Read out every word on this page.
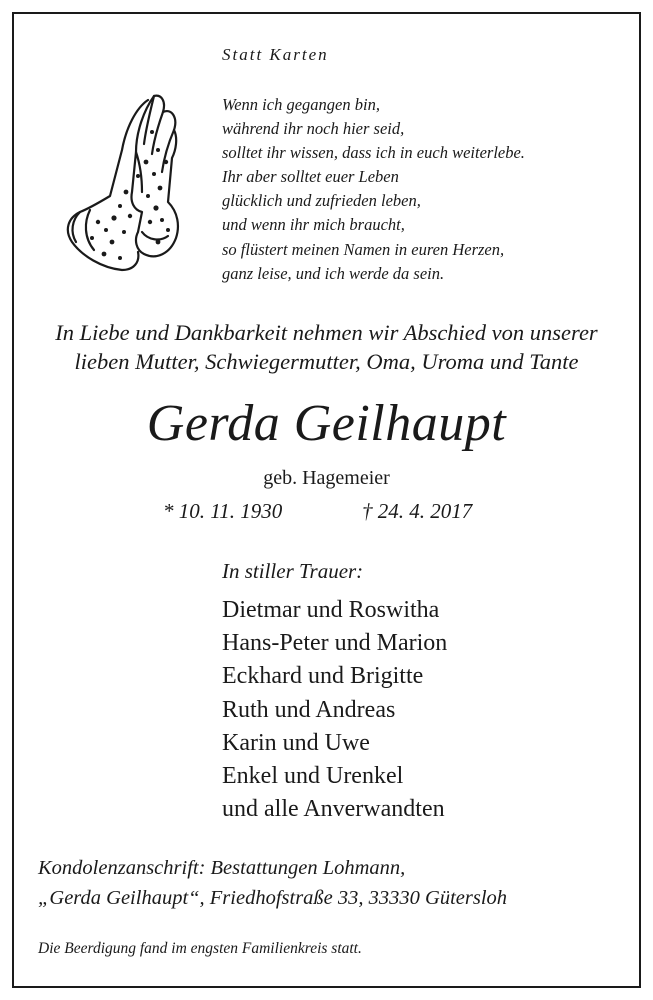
Statt Karten
Wenn ich gegangen bin,
während ihr noch hier seid,
solltet ihr wissen, dass ich in euch weiterlebe.
Ihr aber solltet euer Leben
glücklich und zufrieden leben,
und wenn ihr mich braucht,
so flüstert meinen Namen in euren Herzen,
ganz leise, und ich werde da sein.
In Liebe und Dankbarkeit nehmen wir Abschied von unserer
lieben Mutter, Schwiegermutter, Oma, Uroma und Tante
Gerda Geilhaupt
geb. Hagemeier
* 10. 11. 1930	† 24. 4. 2017
In stiller Trauer:
Dietmar und Roswitha
Hans-Peter und Marion
Eckhard und Brigitte
Ruth und Andreas
Karin und Uwe
Enkel und Urenkel
und alle Anverwandten
Kondolenzanschrift: Bestattungen Lohmann,
„Gerda Geilhaupt“, Friedhofstraße 33, 33330 Gütersloh
Die Beerdigung fand im engsten Familienkreis statt.
